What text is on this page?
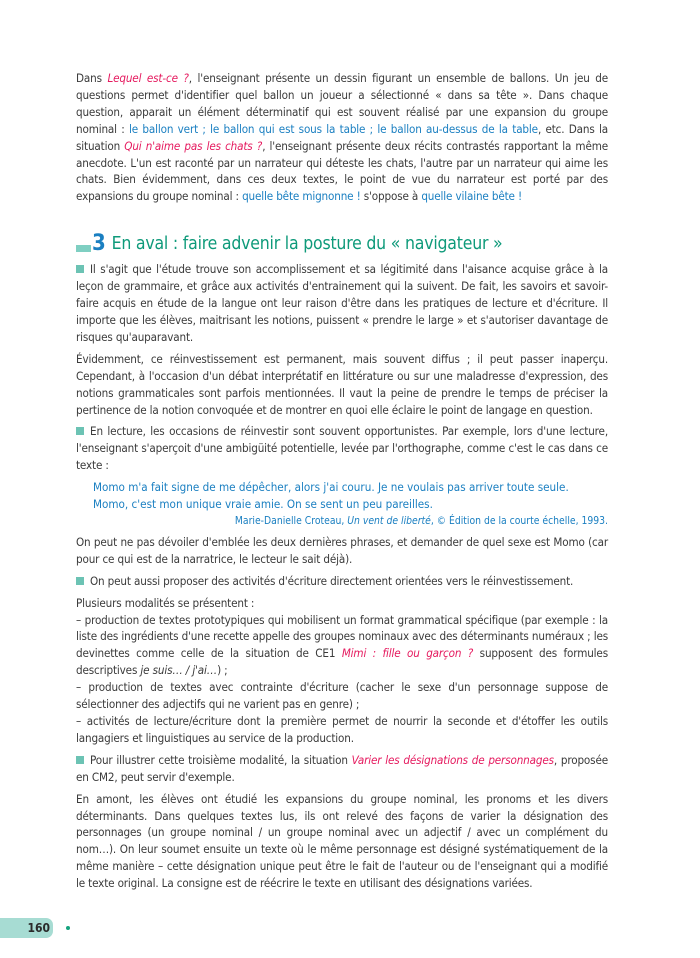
Dans Lequel est-ce ?, l'enseignant présente un dessin figurant un ensemble de ballons. Un jeu de questions permet d'identifier quel ballon un joueur a sélectionné « dans sa tête ». Dans chaque question, apparait un élément déterminatif qui est souvent réalisé par une expansion du groupe nominal : le ballon vert ; le ballon qui est sous la table ; le ballon au-dessus de la table, etc. Dans la situation Qui n'aime pas les chats ?, l'enseignant présente deux récits contrastés rapportant la même anecdote. L'un est raconté par un narrateur qui déteste les chats, l'autre par un narrateur qui aime les chats. Bien évidemment, dans ces deux textes, le point de vue du narrateur est porté par des expansions du groupe nominal : quelle bête mignonne ! s'oppose à quelle vilaine bête !

3 En aval : faire advenir la posture du « navigateur »

Il s'agit que l'étude trouve son accomplissement et sa légitimité dans l'aisance acquise grâce à la leçon de grammaire, et grâce aux activités d'entrainement qui la suivent. De fait, les savoirs et savoir-faire acquis en étude de la langue ont leur raison d'être dans les pratiques de lecture et d'écriture. Il importe que les élèves, maitrisant les notions, puissent « prendre le large » et s'autoriser davantage de risques qu'auparavant.

Évidemment, ce réinvestissement est permanent, mais souvent diffus ; il peut passer inaperçu. Cependant, à l'occasion d'un débat interprétatif en littérature ou sur une maladresse d'expression, des notions grammaticales sont parfois mentionnées. Il vaut la peine de prendre le temps de préciser la pertinence de la notion convoquée et de montrer en quoi elle éclaire le point de langage en question.

En lecture, les occasions de réinvestir sont souvent opportunistes. Par exemple, lors d'une lecture, l'enseignant s'aperçoit d'une ambigüité potentielle, levée par l'orthographe, comme c'est le cas dans ce texte :

Momo m'a fait signe de me dépêcher, alors j'ai couru. Je ne voulais pas arriver toute seule.
Momo, c'est mon unique vraie amie. On se sent un peu pareilles.
Marie-Danielle Croteau, Un vent de liberté, © Édition de la courte échelle, 1993.

On peut ne pas dévoiler d'emblée les deux dernières phrases, et demander de quel sexe est Momo (car pour ce qui est de la narratrice, le lecteur le sait déjà).

On peut aussi proposer des activités d'écriture directement orientées vers le réinvestissement.

Plusieurs modalités se présentent :

– production de textes prototypiques qui mobilisent un format grammatical spécifique (par exemple : la liste des ingrédients d'une recette appelle des groupes nominaux avec des déterminants numéraux ; les devinettes comme celle de la situation de CE1 Mimi : fille ou garçon ? supposent des formules descriptives je suis… / j'ai…) ;

– production de textes avec contrainte d'écriture (cacher le sexe d'un personnage suppose de sélectionner des adjectifs qui ne varient pas en genre) ;

– activités de lecture/écriture dont la première permet de nourrir la seconde et d'étoffer les outils langagiers et linguistiques au service de la production.

Pour illustrer cette troisième modalité, la situation Varier les désignations de personnages, proposée en CM2, peut servir d'exemple.

En amont, les élèves ont étudié les expansions du groupe nominal, les pronoms et les divers déterminants. Dans quelques textes lus, ils ont relevé des façons de varier la désignation des personnages (un groupe nominal / un groupe nominal avec un adjectif / avec un complément du nom…). On leur soumet ensuite un texte où le même personnage est désigné systématiquement de la même manière – cette désignation unique peut être le fait de l'auteur ou de l'enseignant qui a modifié le texte original. La consigne est de réécrire le texte en utilisant des désignations variées.

160
